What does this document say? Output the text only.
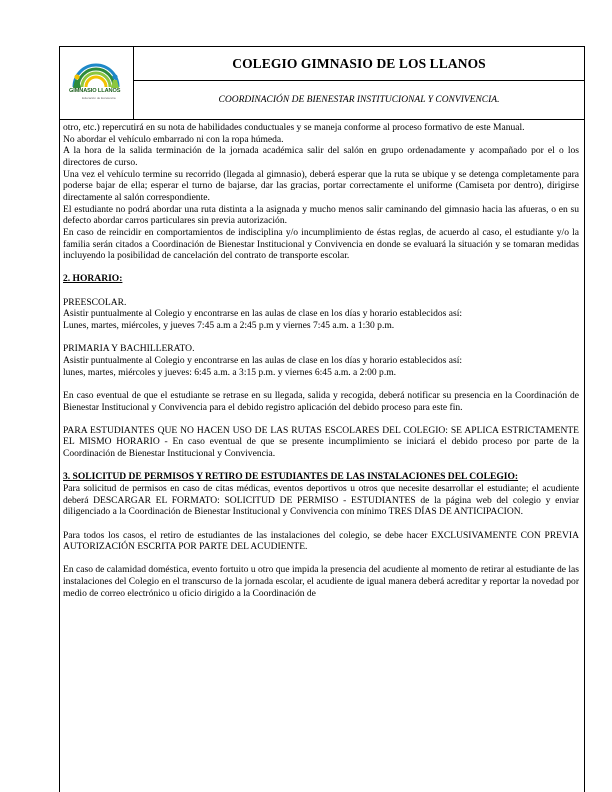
GIMNASIO LLANOS
Educación de Excelencia
COLEGIO GIMNASIO DE LOS LLANOS
COORDINACIÓN DE BIENESTAR INSTITUCIONAL Y CONVIVENCIA.

otro, etc.) repercutirá en su nota de habilidades conductuales y se maneja conforme al proceso formativo de este Manual.

No abordar el vehículo embarrado ni con la ropa húmeda.

A la hora de la salida terminación de la jornada académica salir del salón en grupo ordenadamente y acompañado por el o los directores de curso.

Una vez el vehículo termine su recorrido (llegada al gimnasio), deberá esperar que la ruta se ubique y se detenga completamente para poderse bajar de ella; esperar el turno de bajarse, dar las gracias, portar correctamente el uniforme (Camiseta por dentro), dirigirse directamente al salón correspondiente.

El estudiante no podrá abordar una ruta distinta a la asignada y mucho menos salir caminando del gimnasio hacia las afueras, o en su defecto abordar carros particulares sin previa autorización.

En caso de reincidir en comportamientos de indisciplina y/o incumplimiento de éstas reglas, de acuerdo al caso, el estudiante y/o la familia serán citados a Coordinación de Bienestar Institucional y Convivencia en donde se evaluará la situación y se tomaran medidas incluyendo la posibilidad de cancelación del contrato de transporte escolar.

2. HORARIO:

PREESCOLAR.

Asistir puntualmente al Colegio y encontrarse en las aulas de clase en los días y horario establecidos así:

Lunes, martes, miércoles, y jueves 7:45 a.m a 2:45 p.m y viernes 7:45 a.m. a 1:30 p.m.

PRIMARIA Y BACHILLERATO.

Asistir puntualmente al Colegio y encontrarse en las aulas de clase en los días y horario establecidos así:

lunes, martes, miércoles y jueves: 6:45 a.m. a 3:15 p.m. y viernes 6:45 a.m. a 2:00 p.m.

En caso eventual de que el estudiante se retrase en su llegada, salida y recogida, deberá notificar su presencia en la Coordinación de Bienestar Institucional y Convivencia para el debido registro aplicación del debido proceso para este fin.

PARA ESTUDIANTES QUE NO HACEN USO DE LAS RUTAS ESCOLARES DEL COLEGIO: SE APLICA ESTRICTAMENTE EL MISMO HORARIO - En caso eventual de que se presente incumplimiento se iniciará el debido proceso por parte de la Coordinación de Bienestar Institucional y Convivencia.

3. SOLICITUD DE PERMISOS Y RETIRO DE ESTUDIANTES DE LAS INSTALACIONES DEL COLEGIO:

Para solicitud de permisos en caso de citas médicas, eventos deportivos u otros que necesite desarrollar el estudiante; el acudiente deberá DESCARGAR EL FORMATO: SOLICITUD DE PERMISO - ESTUDIANTES de la página web del colegio y enviar diligenciado a la Coordinación de Bienestar Institucional y Convivencia con mínimo TRES DÍAS DE ANTICIPACION.

Para todos los casos, el retiro de estudiantes de las instalaciones del colegio, se debe hacer EXCLUSIVAMENTE CON PREVIA AUTORIZACIÓN ESCRITA POR PARTE DEL ACUDIENTE.

En caso de calamidad doméstica, evento fortuito u otro que impida la presencia del acudiente al momento de retirar al estudiante de las instalaciones del Colegio en el transcurso de la jornada escolar, el acudiente de igual manera deberá acreditar y reportar la novedad por medio de correo electrónico u oficio dirigido a la Coordinación de
